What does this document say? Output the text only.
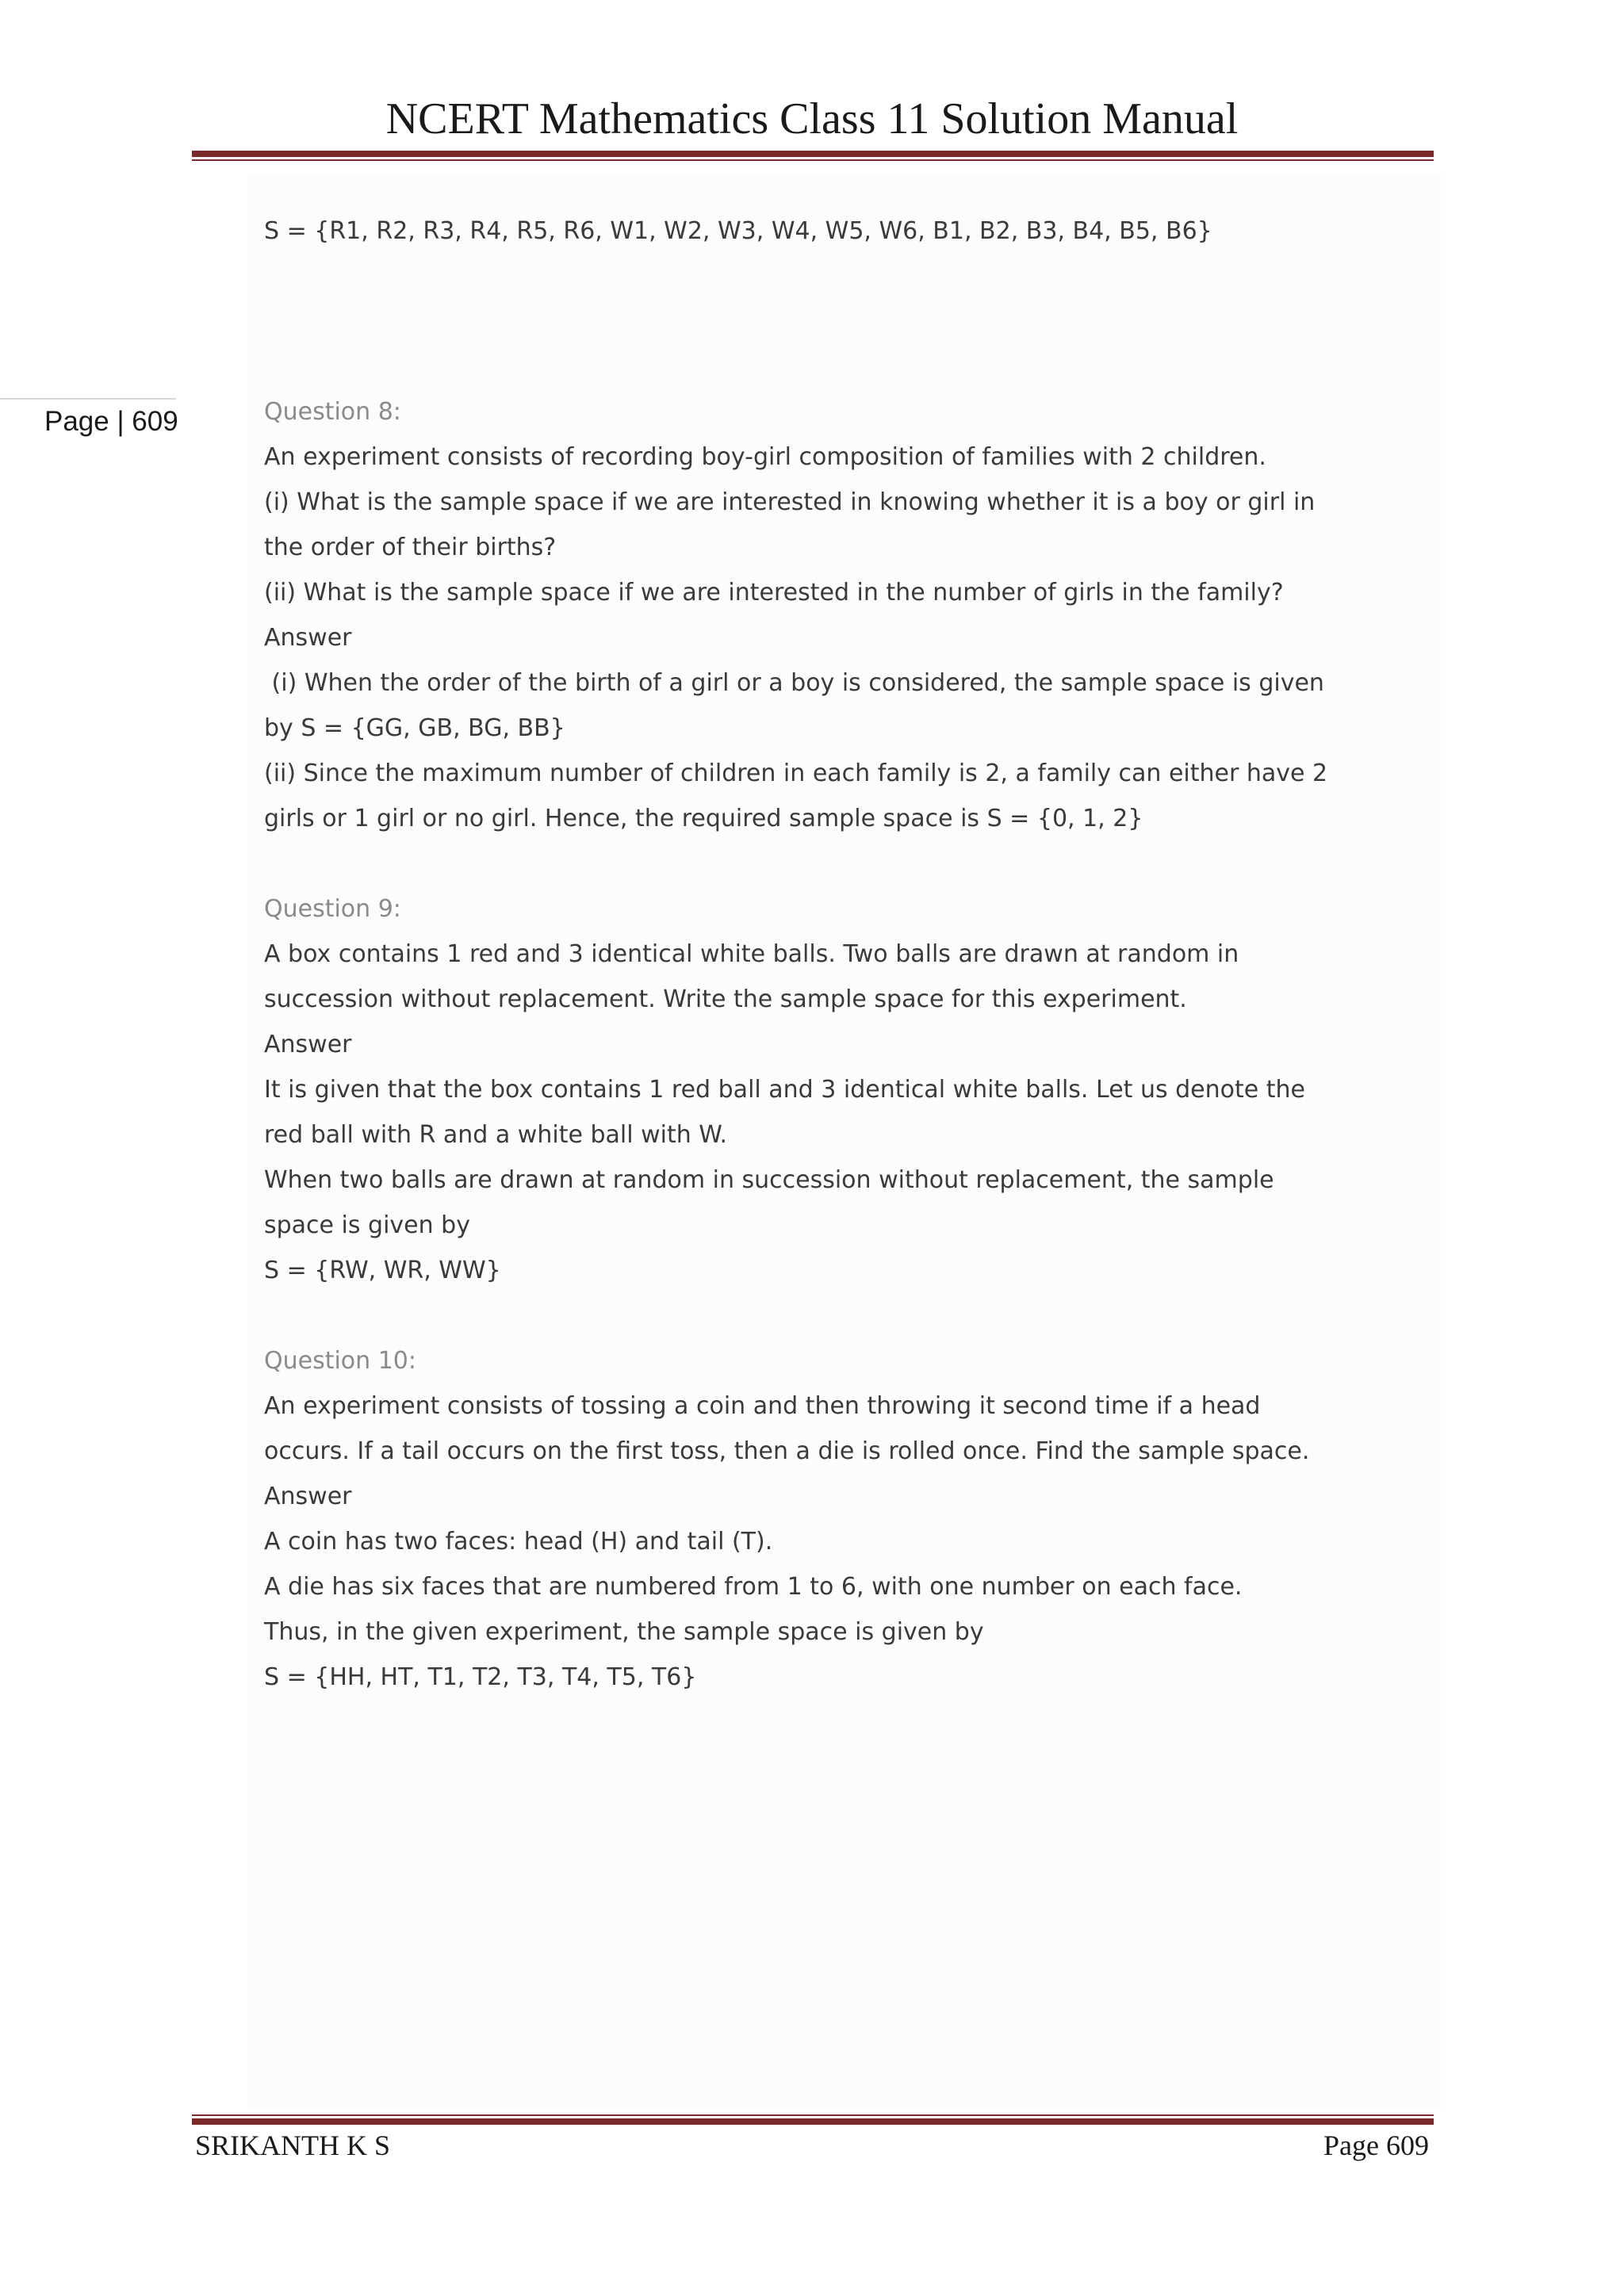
NCERT Mathematics Class 11 Solution Manual
Page | 609
S = {R1, R2, R3, R4, R5, R6, W1, W2, W3, W4, W5, W6, B1, B2, B3, B4, B5, B6}
Question 8:
An experiment consists of recording boy-girl composition of families with 2 children.
(i) What is the sample space if we are interested in knowing whether it is a boy or girl in
the order of their births?
(ii) What is the sample space if we are interested in the number of girls in the family?
Answer
(i) When the order of the birth of a girl or a boy is considered, the sample space is given
by S = {GG, GB, BG, BB}
(ii) Since the maximum number of children in each family is 2, a family can either have 2
girls or 1 girl or no girl. Hence, the required sample space is S = {0, 1, 2}
Question 9:
A box contains 1 red and 3 identical white balls. Two balls are drawn at random in
succession without replacement. Write the sample space for this experiment.
Answer
It is given that the box contains 1 red ball and 3 identical white balls. Let us denote the
red ball with R and a white ball with W.
When two balls are drawn at random in succession without replacement, the sample
space is given by
S = {RW, WR, WW}
Question 10:
An experiment consists of tossing a coin and then throwing it second time if a head
occurs. If a tail occurs on the first toss, then a die is rolled once. Find the sample space.
Answer
A coin has two faces: head (H) and tail (T).
A die has six faces that are numbered from 1 to 6, with one number on each face.
Thus, in the given experiment, the sample space is given by
S = {HH, HT, T1, T2, T3, T4, T5, T6}
SRIKANTH K S	Page 609
